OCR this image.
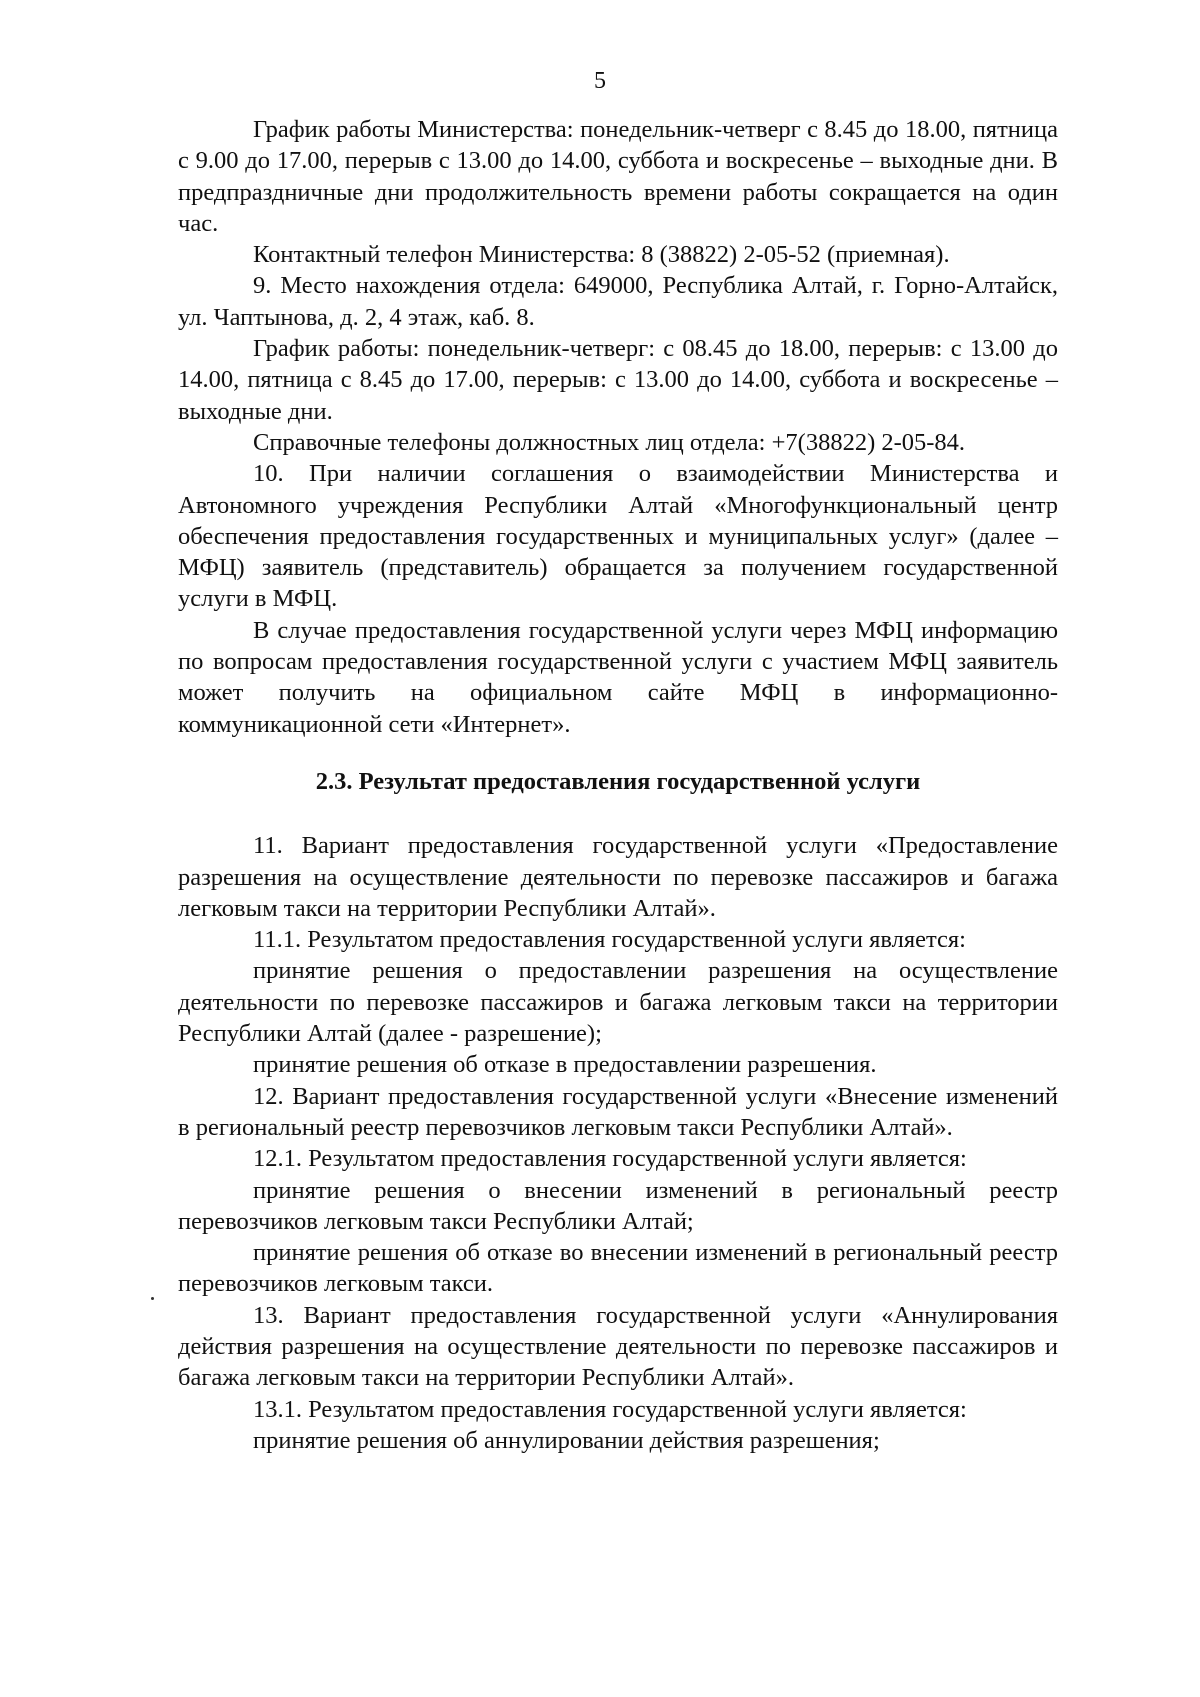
5

График работы Министерства: понедельник-четверг с 8.45 до 18.00, пятница с 9.00 до 17.00, перерыв с 13.00 до 14.00, суббота и воскресенье – выходные дни. В предпраздничные дни продолжительность времени работы сокращается на один час.

Контактный телефон Министерства: 8 (38822) 2-05-52 (приемная).

9. Место нахождения отдела: 649000, Республика Алтай, г. Горно-Алтайск, ул. Чаптынова, д. 2, 4 этаж, каб. 8.

График работы: понедельник-четверг: с 08.45 до 18.00, перерыв: с 13.00 до 14.00, пятница с 8.45 до 17.00, перерыв: с 13.00 до 14.00, суббота и воскресенье – выходные дни.

Справочные телефоны должностных лиц отдела: +7(38822) 2-05-84.

10. При наличии соглашения о взаимодействии Министерства и Автономного учреждения Республики Алтай «Многофункциональный центр обеспечения предоставления государственных и муниципальных услуг» (далее – МФЦ) заявитель (представитель) обращается за получением государственной услуги в МФЦ.

В случае предоставления государственной услуги через МФЦ информацию по вопросам предоставления государственной услуги с участием МФЦ заявитель может получить на официальном сайте МФЦ в информационно-коммуникационной сети «Интернет».

2.3. Результат предоставления государственной услуги

11. Вариант предоставления государственной услуги «Предоставление разрешения на осуществление деятельности по перевозке пассажиров и багажа легковым такси на территории Республики Алтай».

11.1. Результатом предоставления государственной услуги является:

принятие решения о предоставлении разрешения на осуществление деятельности по перевозке пассажиров и багажа легковым такси на территории Республики Алтай (далее - разрешение);

принятие решения об отказе в предоставлении разрешения.

12. Вариант предоставления государственной услуги «Внесение изменений в региональный реестр перевозчиков легковым такси Республики Алтай».

12.1. Результатом предоставления государственной услуги является:

принятие решения о внесении изменений в региональный реестр перевозчиков легковым такси Республики Алтай;

принятие решения об отказе во внесении изменений в региональный реестр перевозчиков легковым такси.

13. Вариант предоставления государственной услуги «Аннулирования действия разрешения на осуществление деятельности по перевозке пассажиров и багажа легковым такси на территории Республики Алтай».

13.1. Результатом предоставления государственной услуги является:

принятие решения об аннулировании действия разрешения;
